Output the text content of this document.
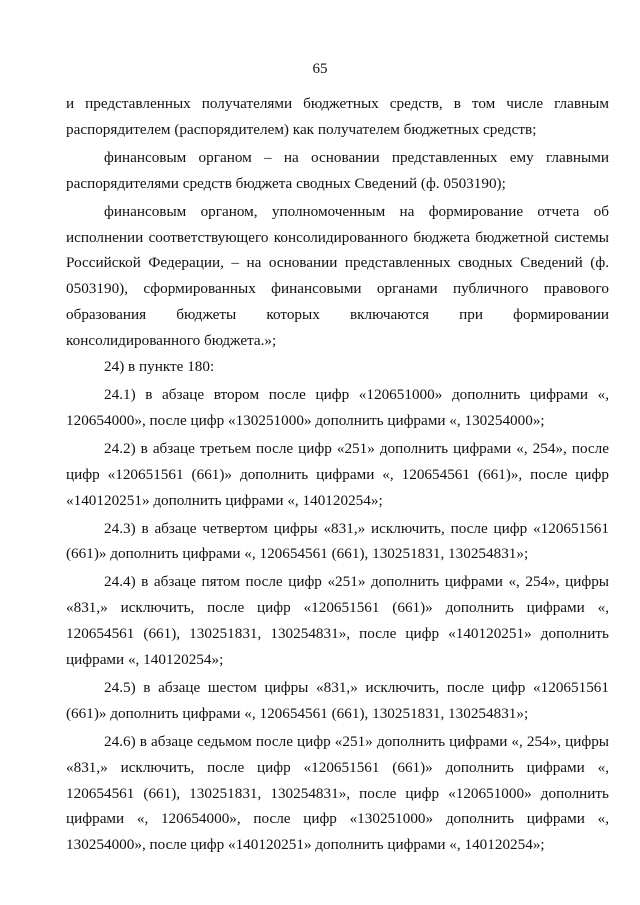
65

и представленных получателями бюджетных средств, в том числе главным распорядителем (распорядителем) как получателем бюджетных средств;

финансовым органом – на основании представленных ему главными распорядителями средств бюджета сводных Сведений (ф. 0503190);

финансовым органом, уполномоченным на формирование отчета об исполнении соответствующего консолидированного бюджета бюджетной системы Российской Федерации, – на основании представленных сводных Сведений (ф. 0503190), сформированных финансовыми органами публичного правового образования бюджеты которых включаются при формировании консолидированного бюджета.»;

24) в пункте 180:

24.1) в абзаце втором после цифр «120651000» дополнить цифрами «, 120654000», после цифр «130251000» дополнить цифрами «, 130254000»;

24.2) в абзаце третьем после цифр «251» дополнить цифрами «, 254», после цифр «120651561 (661)» дополнить цифрами «, 120654561 (661)», после цифр «140120251» дополнить цифрами «, 140120254»;

24.3) в абзаце четвертом цифры «831,» исключить, после цифр «120651561 (661)» дополнить цифрами «, 120654561 (661), 130251831, 130254831»;

24.4) в абзаце пятом после цифр «251» дополнить цифрами «, 254», цифры «831,» исключить, после цифр «120651561 (661)» дополнить цифрами «, 120654561 (661), 130251831, 130254831», после цифр «140120251» дополнить цифрами «, 140120254»;

24.5) в абзаце шестом цифры «831,» исключить, после цифр «120651561 (661)» дополнить цифрами «, 120654561 (661), 130251831, 130254831»;

24.6) в абзаце седьмом после цифр «251» дополнить цифрами «, 254», цифры «831,» исключить, после цифр «120651561 (661)» дополнить цифрами «, 120654561 (661), 130251831, 130254831», после цифр «120651000» дополнить цифрами «, 120654000», после цифр «130251000» дополнить цифрами «, 130254000», после цифр «140120251» дополнить цифрами «, 140120254»;
